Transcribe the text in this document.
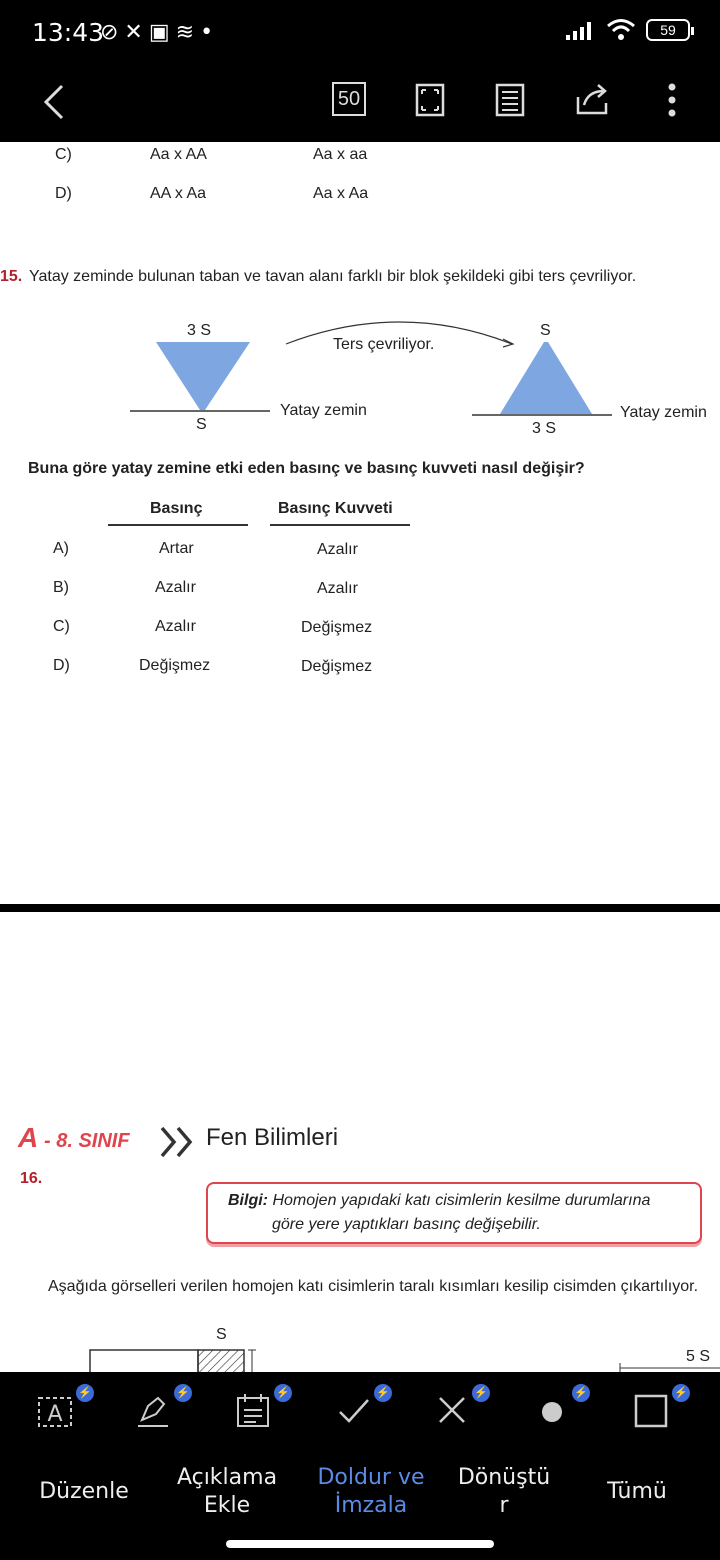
13:43
⊘✕▣≋•	59
50
C)	Aa x AA	Aa x aa
D)	AA x Aa	Aa x Aa
15. Yatay zeminde bulunan taban ve tavan alanı farklı bir blok şekildeki gibi ters çevriliyor.
3 S
S
Yatay zemin
Ters çevriliyor.
S
3 S
Yatay zemin
Buna göre yatay zemine etki eden basınç ve basınç kuvveti nasıl değişir?
Basınç	Basınç Kuvveti
A)	Artar	Azalır
B)	Azalır	Azalır
C)	Azalır	Değişmez
D)	Değişmez	Değişmez
A - 8. SINIF	Fen Bilimleri
16.
Bilgi: Homojen yapıdaki katı cisimlerin kesilme durumlarına
göre yere yaptıkları basınç değişebilir.
Aşağıda görselleri verilen homojen katı cisimlerin taralı kısımları kesilip cisimden çıkartılıyor.
S
5 S
A
⚡	⚡	⚡	⚡	⚡	⚡	⚡
Düzenle
Açıklama
Ekle
Doldur ve
İmzala
Dönüştü
r
Tümü
